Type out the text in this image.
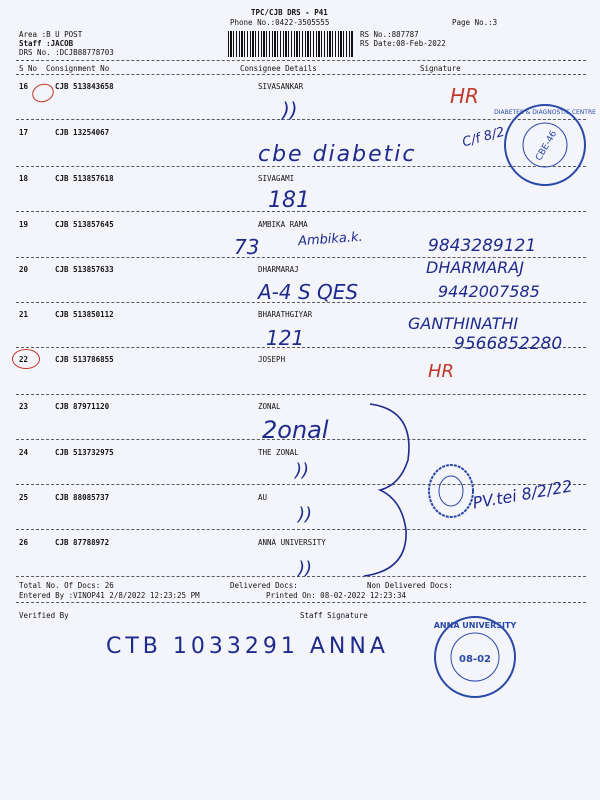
TPC/CJB DRS - P41
Phone No.:0422-3505555
Area :B U POST
Staff :JACOB
DRS No. :DCJB88778703
RS No.:887787
RS Date:08-Feb-2022
Page No.:3
S No Consignment No	Consignee Details	Signature
16	CJB 513843658	SIVASANKAR
17	CJB 13254067
18	CJB 513857618	SIVAGAMI
19	CJB 513857645	AMBIKA RAMA
20	CJB 513857633	DHARMARAJ
21	CJB 513850112	BHARATHGIYAR
22	CJB 513786855	JOSEPH
23	CJB 87971120	ZONAL
24	CJB 513732975	THE ZONAL
25	CJB 88085737	AU
26	CJB 87788972	ANNA UNIVERSITY
Total No. Of Docs: 26	Delivered Docs:	Non Delivered Docs:
Entered By :VINOP41 2/8/2022 12:23:25 PM	Printed On: 08-02-2022 12:23:34
Verified By	Staff Signature
HR
))
cbe diabetic
C/f 8/2
181
73	Ambika.k.	9843289121
DHARMARAJ
A-4 S QES	9442007585
GANTHINATHI
121	9566852280
HR
2onal
))
))
))
PV.tei 8/2/22
CTB 1033291 ANNA
CBE-46
DIABETES & DIAGNOSTIC CENTRE
ANNA UNIVERSITY
08-02
